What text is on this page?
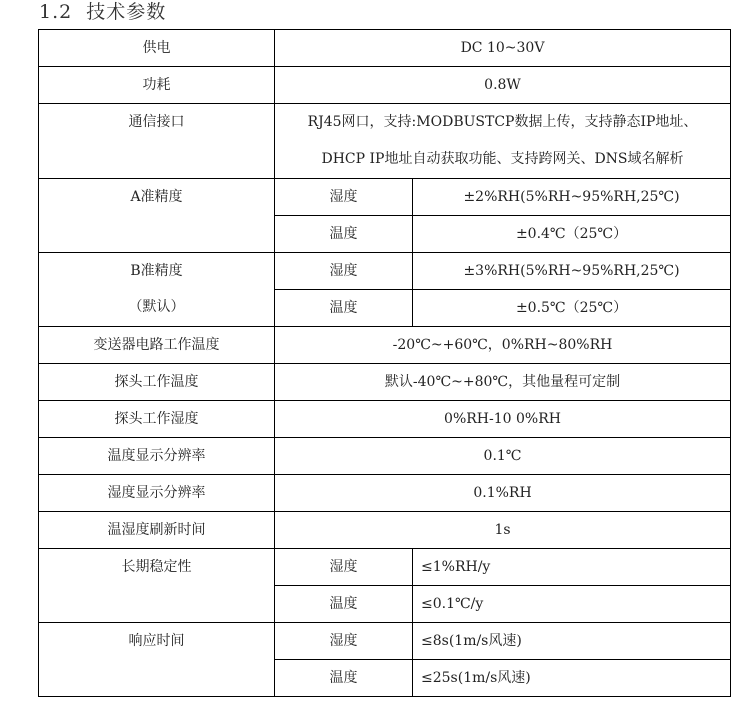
1.2 技术参数
供电	DC 10~30V	
功耗	0.8W	
通信接口	RJ45网口，支持:MODBUSTCP数据上传，支持静态IP地址、
DHCP IP地址自动获取功能、支持跨网关、DNS域名解析	

A准精度	湿度	±2%RH(5%RH~95%RH,25℃)
	温度	±0.4℃（25℃）

B准精度
（默认）	湿度	±3%RH(5%RH~95%RH,25℃)
	温度	±0.5℃（25℃）
变送器电路工作温度	-20℃~+60℃，0%RH~80%RH	
探头工作温度	默认-40℃~+80℃，其他量程可定制	
探头工作湿度	0%RH-10 0%RH	
温度显示分辨率	0.1℃	
湿度显示分辨率	0.1%RH	
温湿度刷新时间	1s	
长期稳定性	湿度	≤1%RH/y
	温度	≤0.1℃/y
响应时间	湿度	≤8s(1m/s风速)
	温度	≤25s(1m/s风速)
